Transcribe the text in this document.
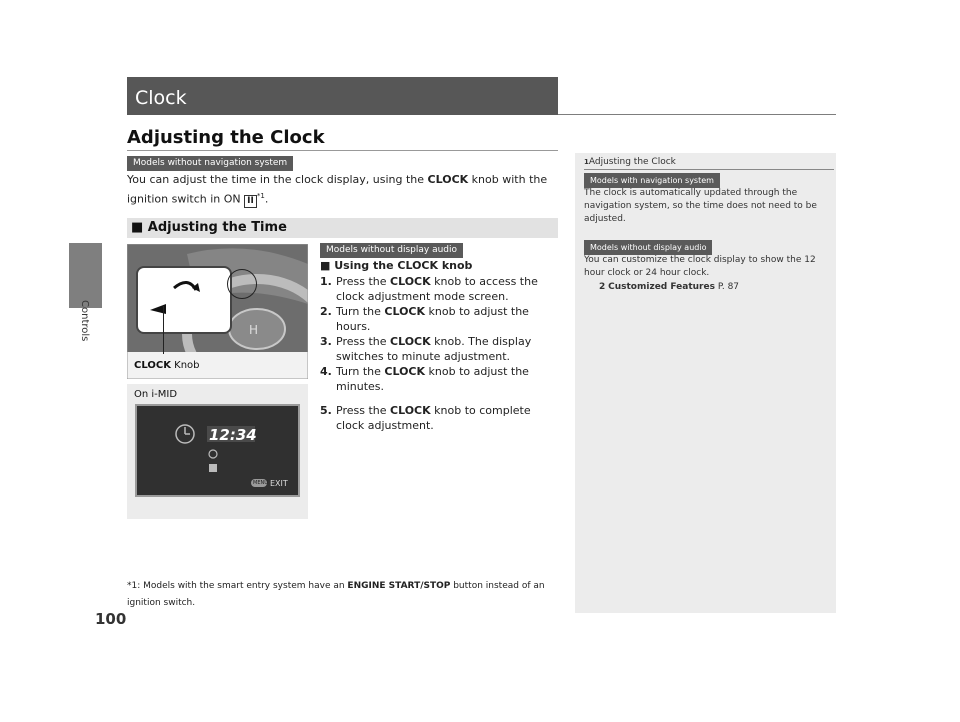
Controls
100
Clock
Adjusting the Clock
Models without navigation system
You can adjust the time in the clock display, using the CLOCK knob with the ignition switch in ON II $^{*1}$.
■ Adjusting the Time
Models without display audio
■ Using the CLOCK knob
1. Press the CLOCK knob to access the clock adjustment mode screen.
2. Turn the CLOCK knob to adjust the hours.
3. Press the CLOCK knob. The display switches to minute adjustment.
4. Turn the CLOCK knob to adjust the minutes.
5. Press the CLOCK knob to complete clock adjustment.
H
CLOCK Knob
On i-MID
12:34
MENU EXIT
*1: Models with the smart entry system have an ENGINE START/STOP button instead of an ignition switch.
1Adjusting the Clock
Models with navigation system
The clock is automatically updated through the navigation system, so the time does not need to be adjusted.
Models without display audio
You can customize the clock display to show the 12 hour clock or 24 hour clock.
2 Customized Features P. 87
